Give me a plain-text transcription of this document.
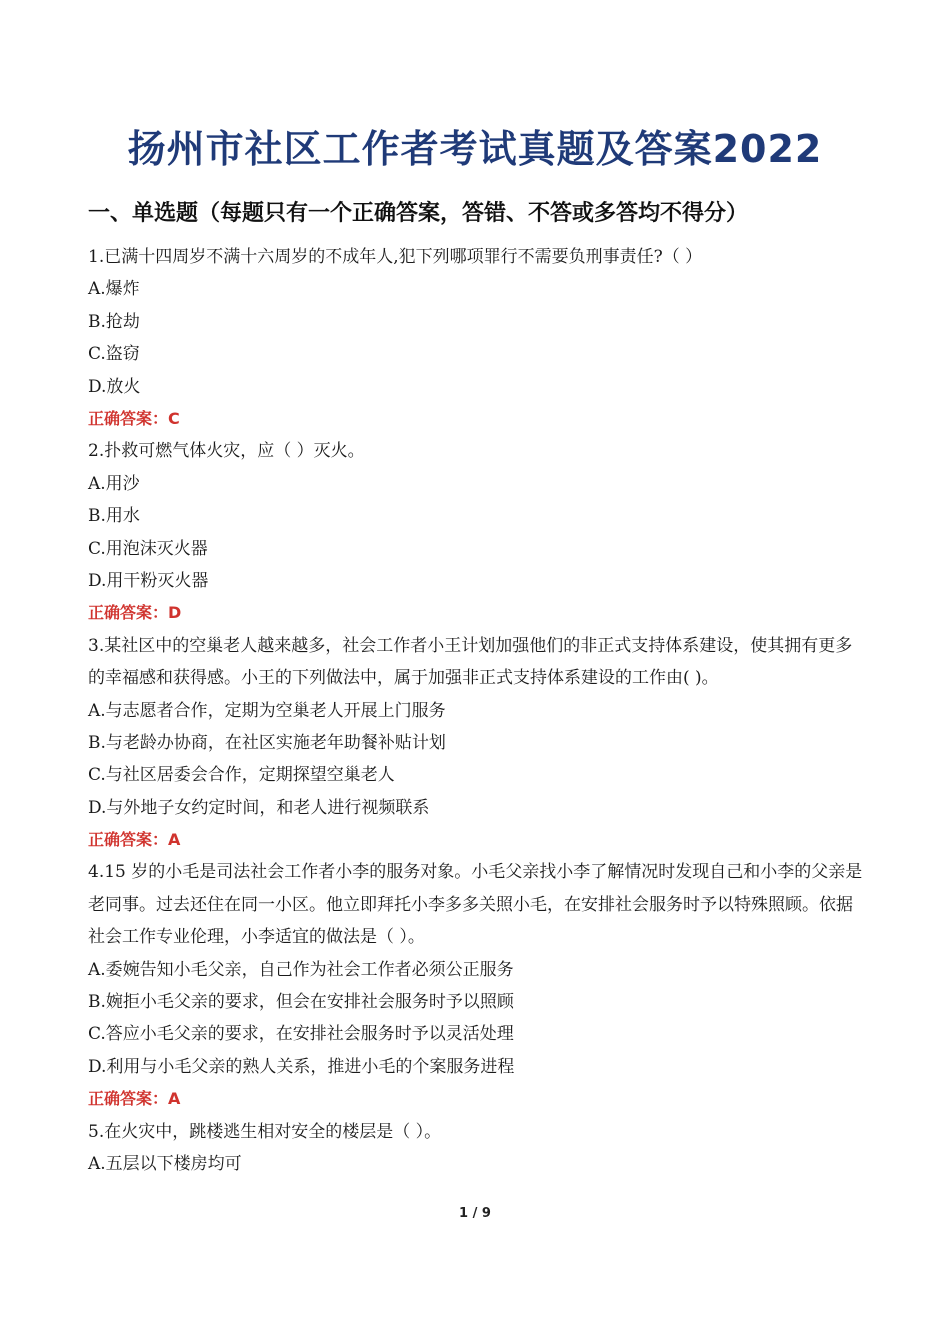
扬州市社区工作者考试真题及答案2022
一、单选题（每题只有一个正确答案，答错、不答或多答均不得分）
1.已满十四周岁不满十六周岁的不成年人,犯下列哪项罪行不需要负刑事责任?（ ）
A.爆炸
B.抢劫
C.盗窃
D.放火
正确答案：C
2.扑救可燃气体火灾，应（ ）灭火。
A.用沙
B.用水
C.用泡沫灭火器
D.用干粉灭火器
正确答案：D
3.某社区中的空巢老人越来越多，社会工作者小王计划加强他们的非正式支持体系建设，使其拥有更多的幸福感和获得感。小王的下列做法中，属于加强非正式支持体系建设的工作由( )。
A.与志愿者合作，定期为空巢老人开展上门服务
B.与老龄办协商，在社区实施老年助餐补贴计划
C.与社区居委会合作，定期探望空巢老人
D.与外地子女约定时间，和老人进行视频联系
正确答案：A
4.15 岁的小毛是司法社会工作者小李的服务对象。小毛父亲找小李了解情况时发现自己和小李的父亲是老同事。过去还住在同一小区。他立即拜托小李多多关照小毛，在安排社会服务时予以特殊照顾。依据社会工作专业伦理，小李适宜的做法是（ ）。
A.委婉告知小毛父亲，自己作为社会工作者必须公正服务
B.婉拒小毛父亲的要求，但会在安排社会服务时予以照顾
C.答应小毛父亲的要求，在安排社会服务时予以灵活处理
D.利用与小毛父亲的熟人关系，推进小毛的个案服务进程
正确答案：A
5.在火灾中，跳楼逃生相对安全的楼层是（ ）。
A.五层以下楼房均可
1 / 9
